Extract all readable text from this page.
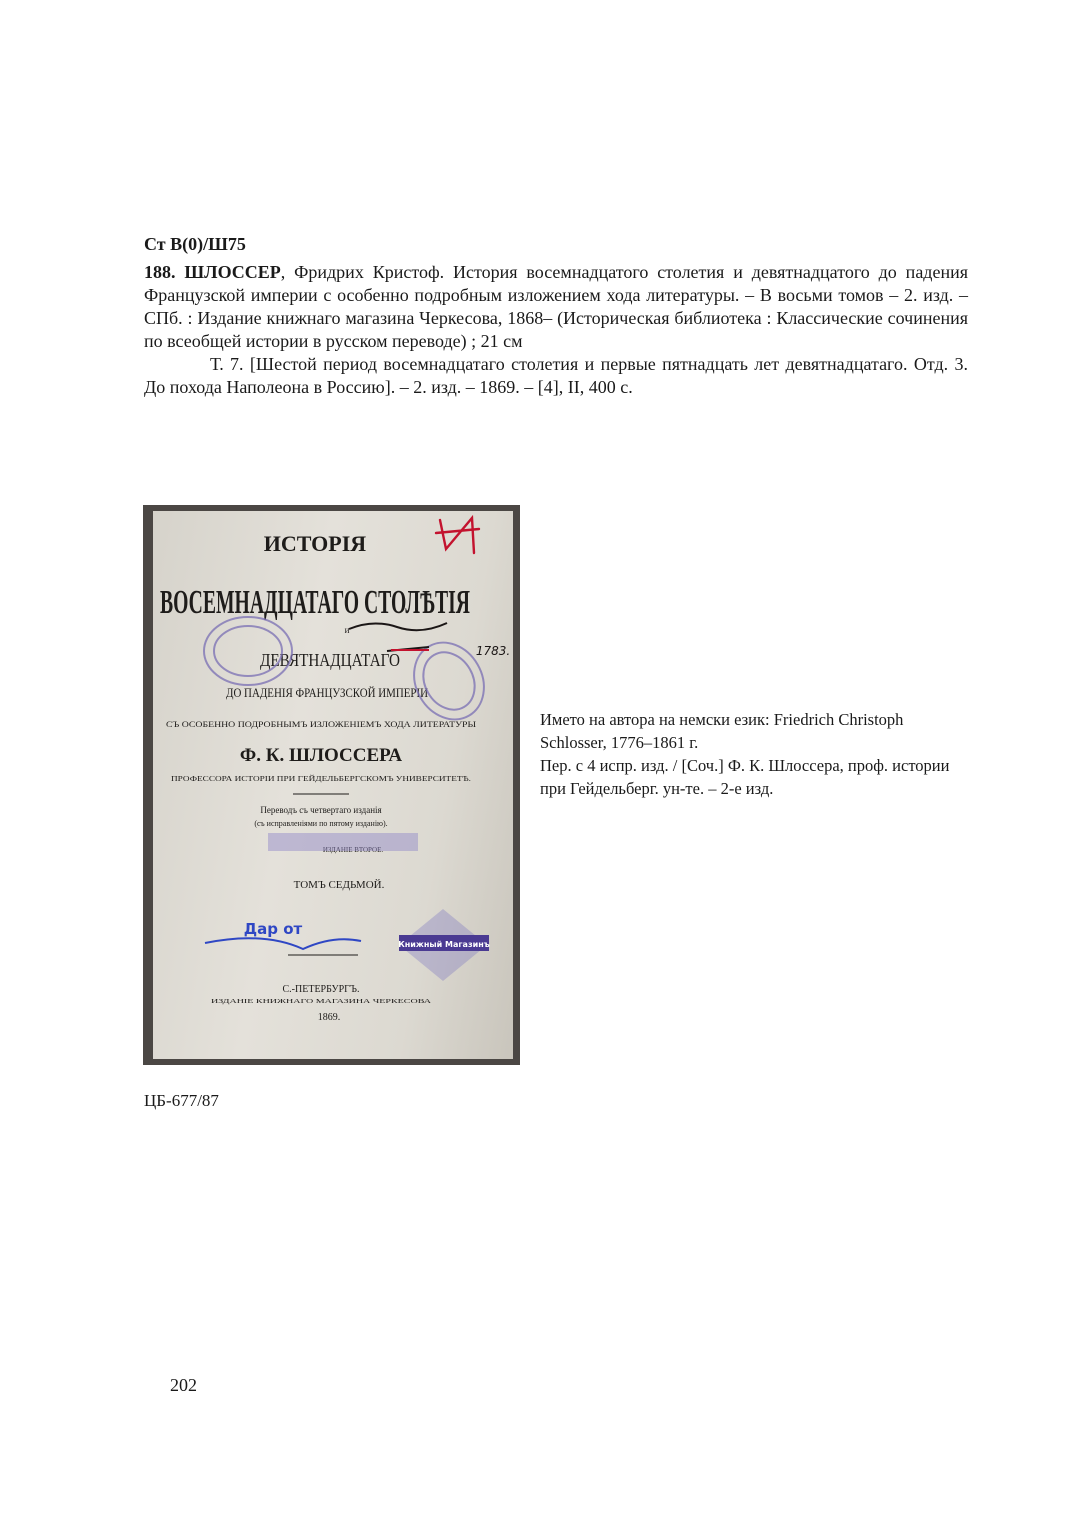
Ст В(0)/Ш75

188. ШЛОССЕР, Фридрих Кристоф. История восемнадцатого столетия и девятнадцатого до падения Французской империи с особенно подробным изложением хода литературы. – В восьми томов – 2. изд. – СПб. : Издание книжнаго магазина Черкесова, 1868– (Историческая библиотека : Классические сочинения по всеобщей истории в русском переводе) ; 21 см

Т. 7. [Шестой период восемнадцатаго столетия и первые пятнадцать лет девятнадцатаго. Отд. 3. До похода Наполеона в Россию]. – 2. изд. – 1869. – [4], II, 400 с.

ИСТОРІЯ
ВОСЕМНАДЦАТАГО СТОЛѢТІЯ
и
ДЕВЯТНАДЦАТАГО
ДО ПАДЕНІЯ ФРАНЦУЗСКОЙ ИМПЕРІИ
СЪ ОСОБЕННО ПОДРОБНЫМЪ ИЗЛОЖЕНІЕМЪ ХОДА ЛИТЕРАТУРЫ
Ф. К. ШЛОССЕРА
ПРОФЕССОРА ИСТОРІИ ПРИ ГЕЙДЕЛЬБЕРГСКОМЪ УНИВЕРСИТЕТѢ.
Переводъ съ четвертаго изданія
(съ исправленіями по пятому изданію).
ИЗДАНІЕ ВТОРОЕ.
ТОМЪ СЕДЬМОЙ.
С.-ПЕТЕРБУРГЪ.
ИЗДАНІЕ КНИЖНАГО МАГАЗИНА ЧЕРКЕСОВА
1869.
1783.
Дар от
Книжный Магазинъ

Името на автора на немски език: Friedrich Christoph Schlosser, 1776–1861 г.

Пер. с 4 испр. изд. / [Соч.] Ф. К. Шлоссера, проф. истории при Гейдельберг. ун-те. – 2-е изд.

ЦБ-677/87
202
